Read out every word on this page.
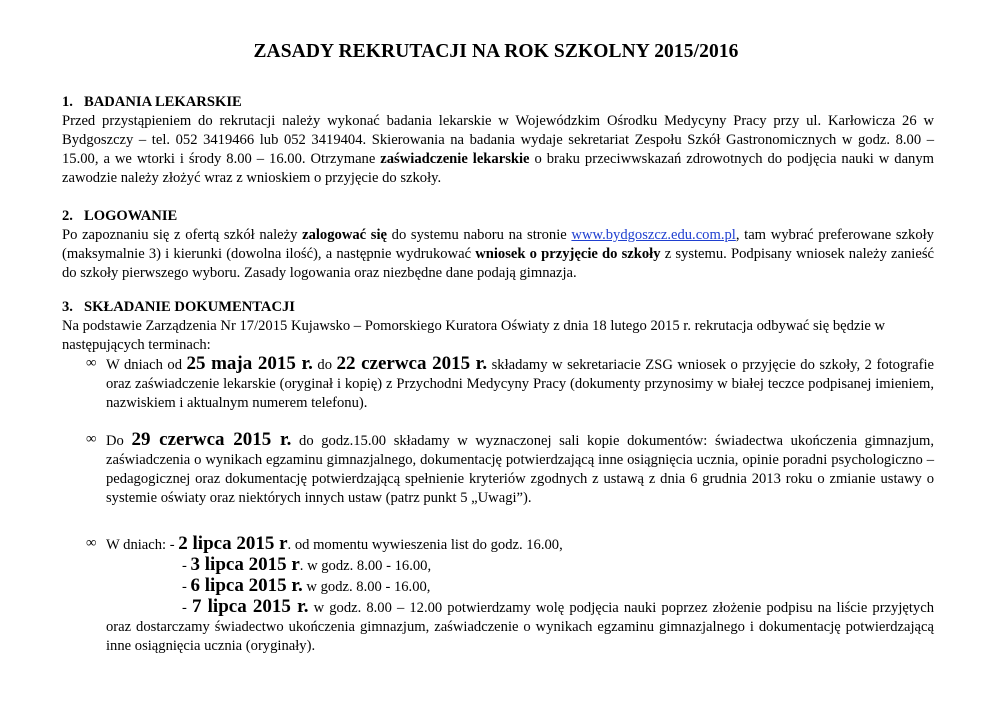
ZASADY REKRUTACJI NA ROK SZKOLNY 2015/2016
1. BADANIA LEKARSKIE
Przed przystąpieniem do rekrutacji należy wykonać badania lekarskie w Wojewódzkim Ośrodku Medycyny Pracy przy ul. Karłowicza 26 w Bydgoszczy – tel. 052 3419466 lub 052 3419404. Skierowania na badania wydaje sekretariat Zespołu Szkół Gastronomicznych w godz. 8.00 – 15.00, a we wtorki i środy 8.00 – 16.00. Otrzymane zaświadczenie lekarskie o braku przeciwwskazań zdrowotnych do podjęcia nauki w danym zawodzie należy złożyć wraz z wnioskiem o przyjęcie do szkoły.
2. LOGOWANIE
Po zapoznaniu się z ofertą szkół należy zalogować się do systemu naboru na stronie www.bydgoszcz.edu.com.pl, tam wybrać preferowane szkoły (maksymalnie 3) i kierunki (dowolna ilość), a następnie wydrukować wniosek o przyjęcie do szkoły z systemu. Podpisany wniosek należy zanieść do szkoły pierwszego wyboru. Zasady logowania oraz niezbędne dane podają gimnazja.
3. SKŁADANIE DOKUMENTACJI
Na podstawie Zarządzenia Nr 17/2015 Kujawsko – Pomorskiego Kuratora Oświaty z dnia 18 lutego 2015 r. rekrutacja odbywać się będzie w następujących terminach:
∞ W dniach od 25 maja 2015 r. do 22 czerwca 2015 r. składamy w sekretariacie ZSG wniosek o przyjęcie do szkoły, 2 fotografie oraz zaświadczenie lekarskie (oryginał i kopię) z Przychodni Medycyny Pracy (dokumenty przynosimy w białej teczce podpisanej imieniem, nazwiskiem i aktualnym numerem telefonu).
∞ Do 29 czerwca 2015 r. do godz.15.00 składamy w wyznaczonej sali kopie dokumentów: świadectwa ukończenia gimnazjum, zaświadczenia o wynikach egzaminu gimnazjalnego, dokumentację potwierdzającą inne osiągnięcia ucznia, opinie poradni psychologiczno – pedagogicznej oraz dokumentację potwierdzającą spełnienie kryteriów zgodnych z ustawą z dnia 6 grudnia 2013 roku o zmianie ustawy o systemie oświaty oraz niektórych innych ustaw (patrz punkt 5 „Uwagi”).
∞ W dniach: - 2 lipca 2015 r. od momentu wywieszenia list do godz. 16.00,
- 3 lipca 2015 r. w godz. 8.00 - 16.00,
- 6 lipca 2015 r. w godz. 8.00 - 16.00,
- 7 lipca 2015 r. w godz. 8.00 – 12.00 potwierdzamy wolę podjęcia nauki poprzez złożenie podpisu na liście przyjętych oraz dostarczamy świadectwo ukończenia gimnazjum, zaświadczenie o wynikach egzaminu gimnazjalnego i dokumentację potwierdzającą inne osiągnięcia ucznia (oryginały).
